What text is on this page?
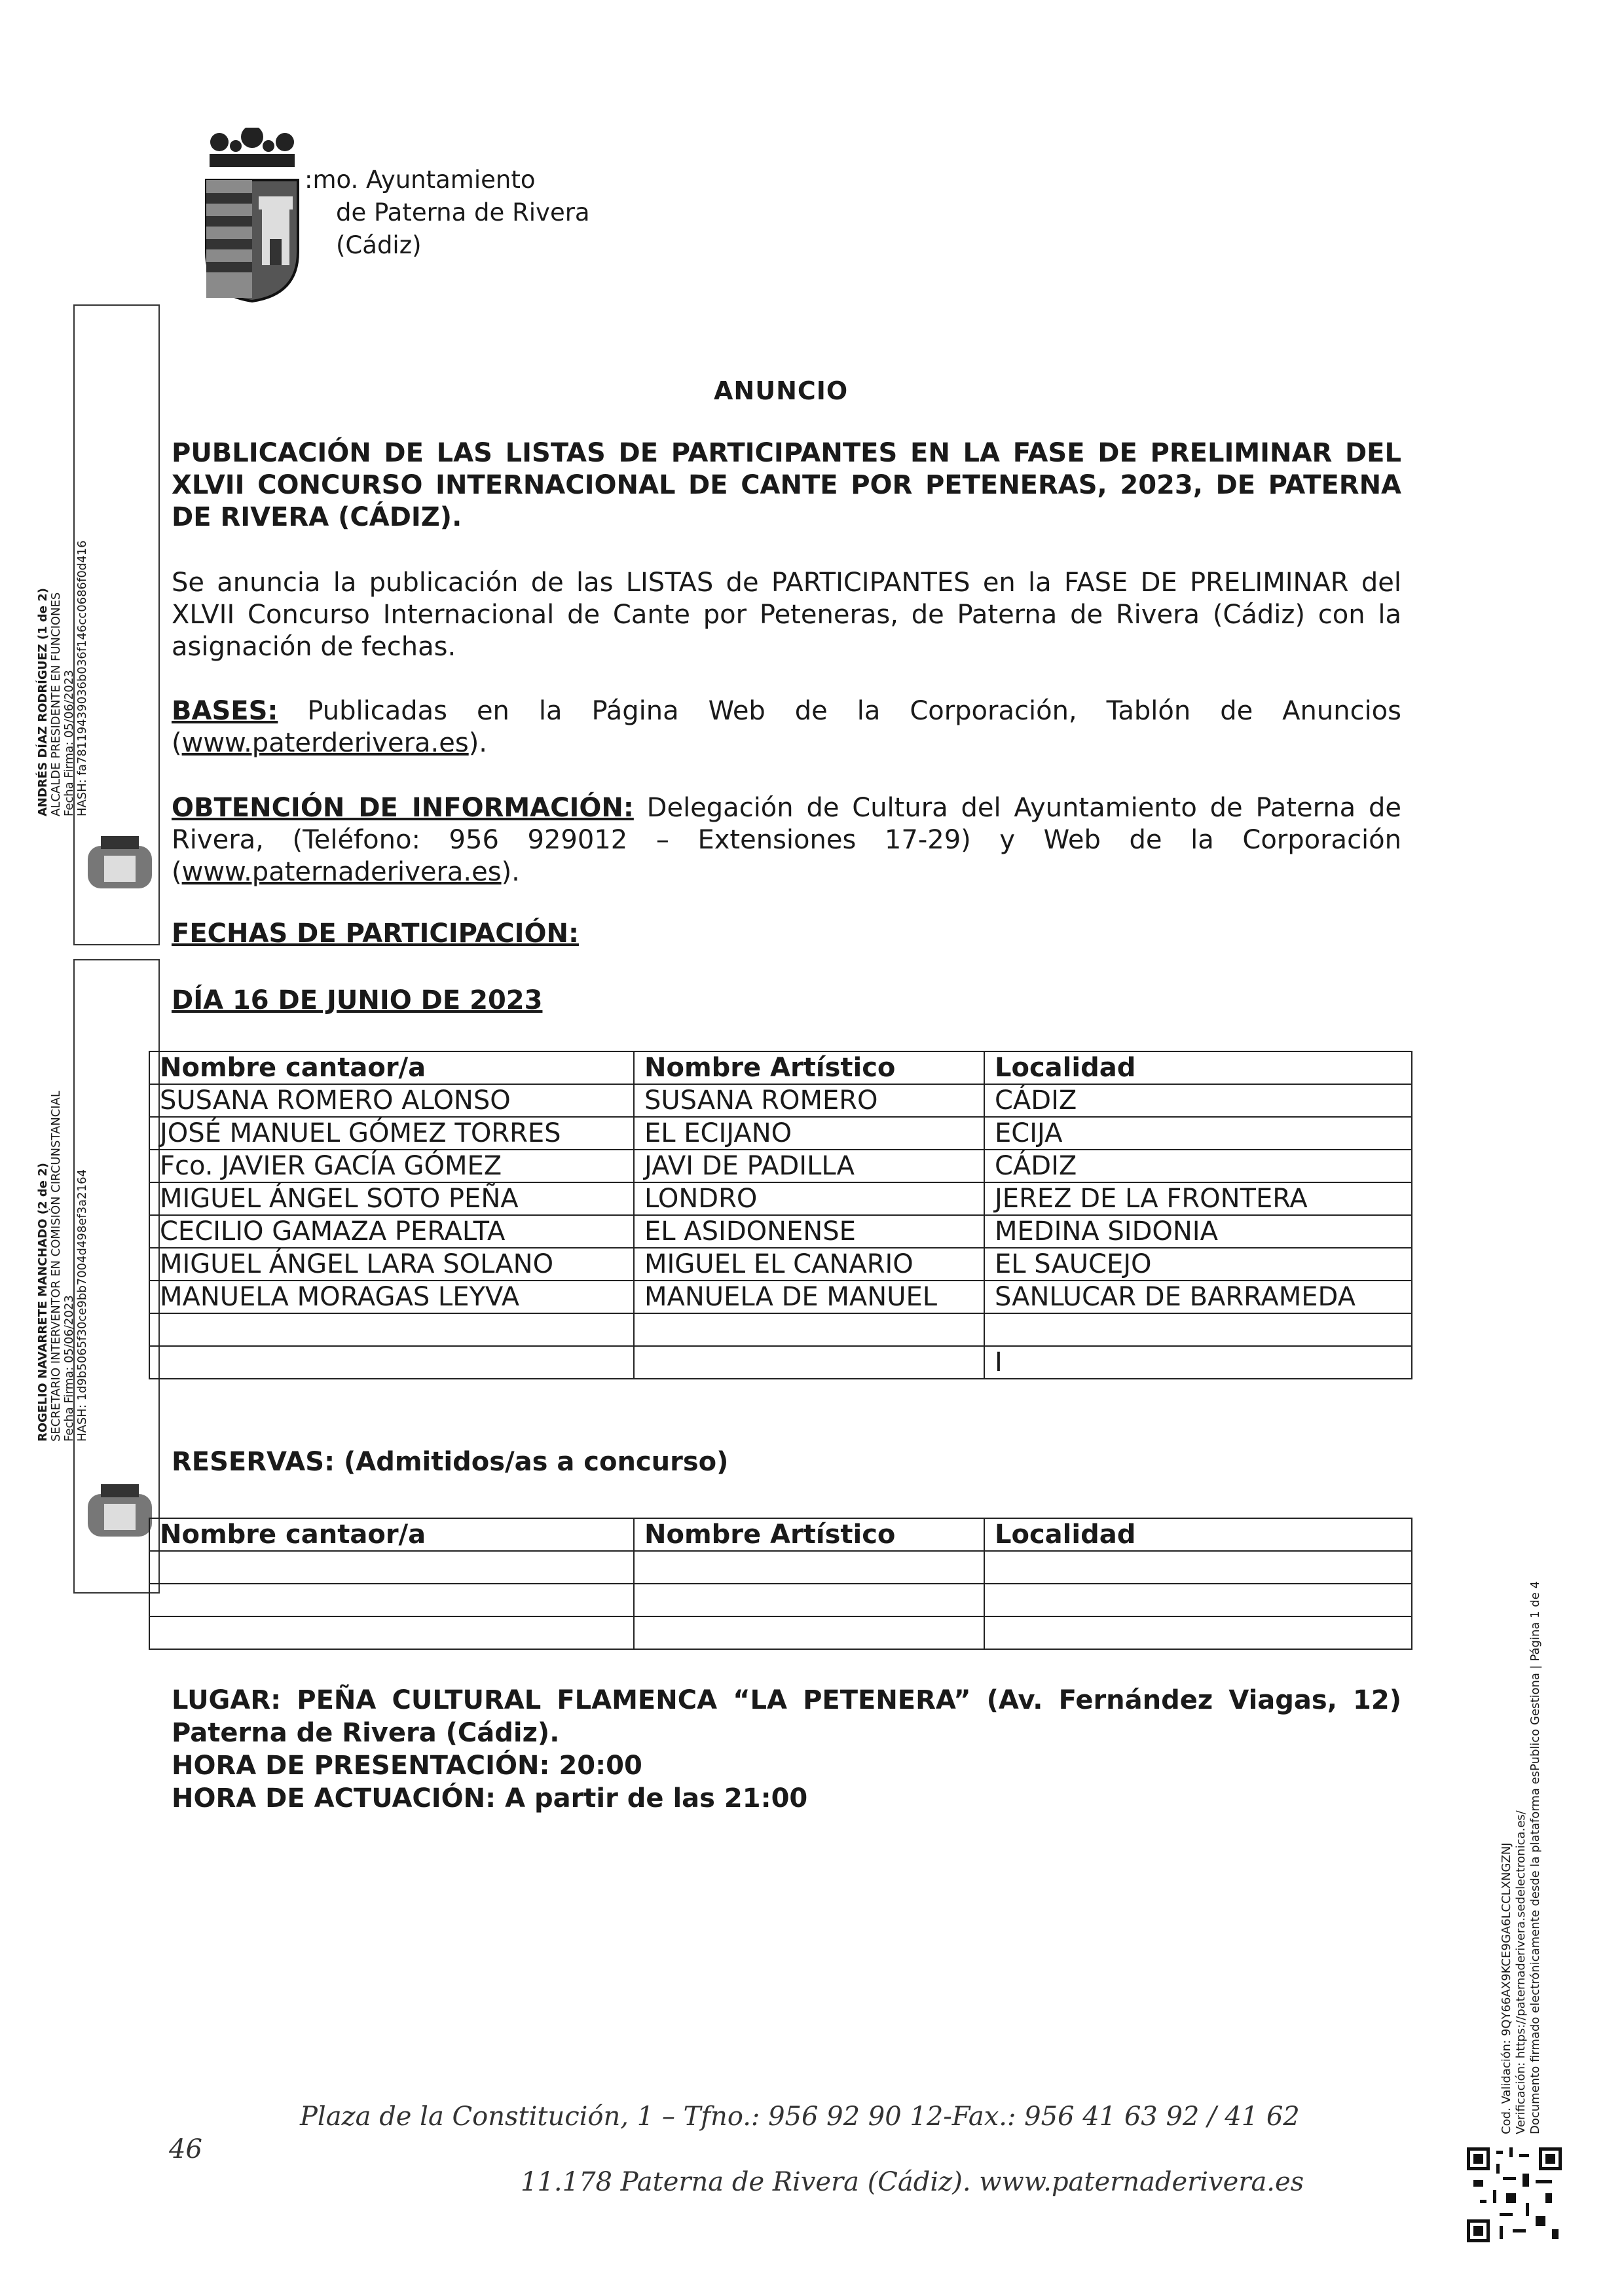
:mo. Ayuntamiento
de Paterna de Rivera
(Cádiz)
ANDRÉS DÍAZ RODRÍGUEZ (1 de 2) ALCALDE PRESIDENTE EN FUNCIONES Fecha Firma: 05/06/2023 HASH: fa78119439036b036f146cc0686f0d416
ROGELIO NAVARRETE MANCHADO (2 de 2) SECRETARIO INTERVENTOR EN COMISIÓN CIRCUNSTANCIAL Fecha Firma: 05/06/2023 HASH: 1d9b5065f30ce9bb7004d498ef3a2164
ANUNCIO
PUBLICACIÓN DE LAS LISTAS DE PARTICIPANTES EN LA FASE DE PRELIMINAR DEL XLVII CONCURSO INTERNACIONAL DE CANTE POR PETENERAS, 2023, DE PATERNA DE RIVERA (CÁDIZ).
Se anuncia la publicación de las LISTAS de PARTICIPANTES en la FASE DE PRELIMINAR del XLVII Concurso Internacional de Cante por Peteneras, de Paterna de Rivera (Cádiz) con la asignación de fechas.
BASES: Publicadas en la Página Web de la Corporación, Tablón de Anuncios (www.paterderivera.es).
OBTENCIÓN DE INFORMACIÓN: Delegación de Cultura del Ayuntamiento de Paterna de Rivera, (Teléfono: 956 929012 – Extensiones 17-29) y Web de la Corporación (www.paternaderivera.es).
FECHAS DE PARTICIPACIÓN:
DÍA 16 DE JUNIO DE 2023
Nombre cantaor/a	Nombre Artístico	Localidad
SUSANA ROMERO ALONSO	SUSANA ROMERO	CÁDIZ
JOSÉ MANUEL GÓMEZ TORRES	EL ECIJANO	ECIJA
Fco. JAVIER GACÍA GÓMEZ	JAVI DE PADILLA	CÁDIZ
MIGUEL ÁNGEL SOTO PEÑA	LONDRO	JEREZ DE LA FRONTERA
CECILIO GAMAZA PERALTA	EL ASIDONENSE	MEDINA SIDONIA
MIGUEL ÁNGEL LARA SOLANO	MIGUEL EL CANARIO	EL SAUCEJO
MANUELA MORAGAS LEYVA	MANUELA DE MANUEL	SANLUCAR DE BARRAMEDA

		I
RESERVAS: (Admitidos/as a concurso)
Nombre cantaor/a	Nombre Artístico	Localidad

LUGAR: PEÑA CULTURAL FLAMENCA “LA PETENERA” (Av. Fernández Viagas, 12) Paterna de Rivera (Cádiz).
HORA DE PRESENTACIÓN: 20:00
HORA DE ACTUACIÓN: A partir de las 21:00
Cod. Validación: 9QY66AX9KCE9GA6LCCLXNGZNJ Verificación: https://paternaderivera.sedelectronica.es/ Documento firmado electrónicamente desde la plataforma esPublico Gestiona | Página 1 de 4
46
Plaza de la Constitución, 1 – Tfno.: 956 92 90 12-Fax.: 956 41 63 92 / 41 62
11.178 Paterna de Rivera (Cádiz). www.paternaderivera.es
